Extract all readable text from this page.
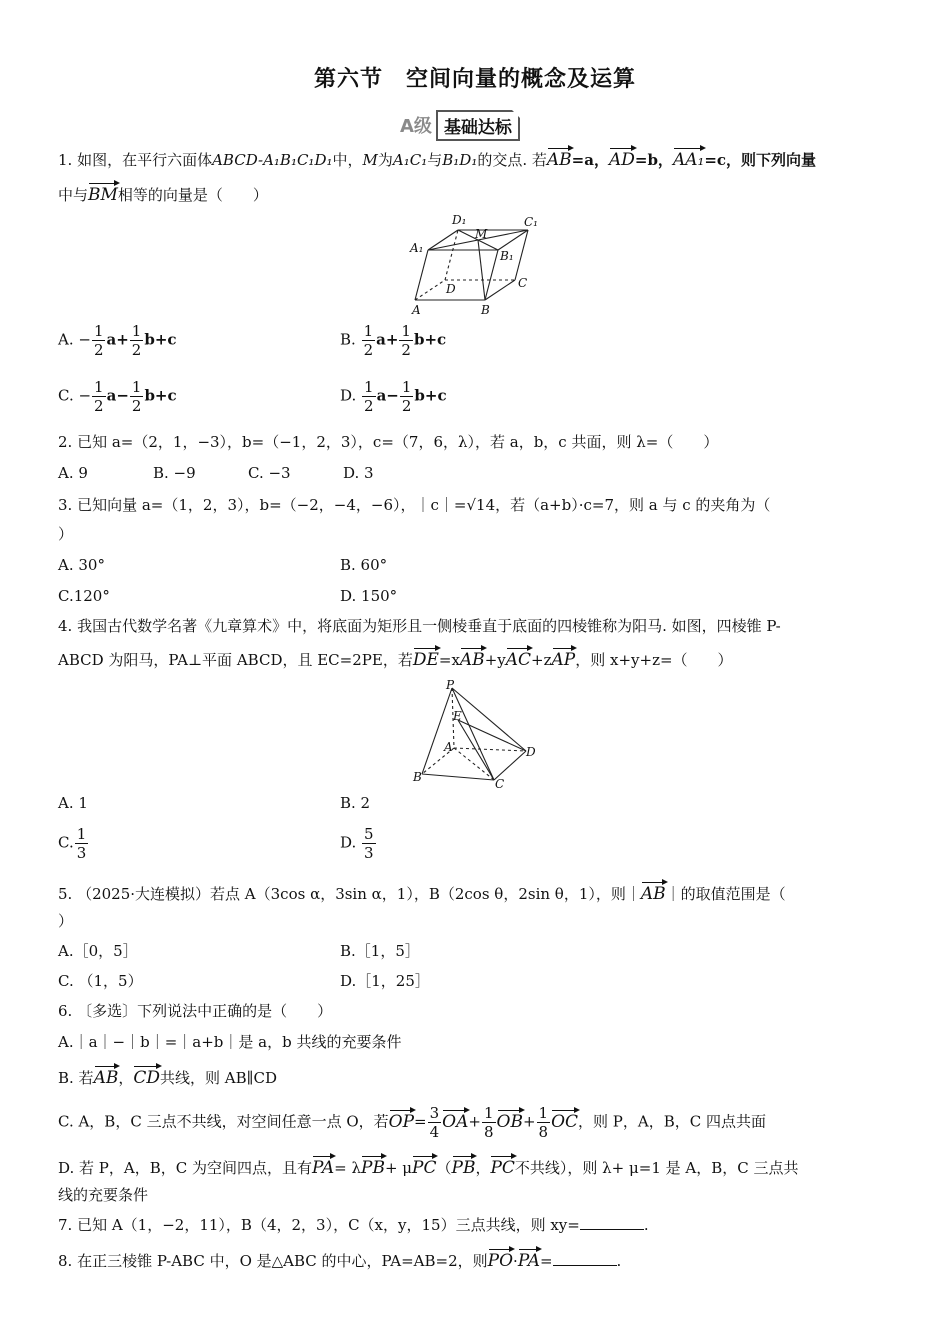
第六节　空间向量的概念及运算
A级 基础达标
1. 如图，在平行六面体ABCD-A₁B₁C₁D₁中，M为A₁C₁与B₁D₁的交点. 若AB=a，AD=b，AA₁=c，则下列向量
中与BM相等的向量是（　　）
D₁	C₁
M
A₁
B₁
D	C
A	B
A. − $\frac{1}{2} a+ \frac{1}{2} b+c$	B. $\frac{1}{2} a+ \frac{1}{2} b+c$
C. − $\frac{1}{2} a- \frac{1}{2} b+c$	D. $\frac{1}{2} a- \frac{1}{2} b+c$
2. 已知 a=（2，1，−3），b=（−1，2，3），c=（7，6，λ），若 a，b，c 共面，则 λ=（　　）
A. 9	B. −9	C. −3	D. 3
3. 已知向量 a=（1，2，3），b=（−2，−4，−6），｜c｜=√14，若（a+b）·c=7，则 a 与 c 的夹角为（
）
A. 30°	B. 60°
C.120°	D. 150°
4. 我国古代数学名著《九章算术》中，将底面为矩形且一侧棱垂直于底面的四棱锥称为阳马. 如图，四棱锥 P-
ABCD 为阳马，PA⊥平面 ABCD，且 EC=2PE，若DE=xAB+yAC+zAP，则 x+y+z=（　　）
P
E
A	D
B	C
A. 1	B. 2
C. $\frac{1}{3}$	D. $\frac{5}{3}$
5. （2025·大连模拟）若点 A（3cos α，3sin α，1），B（2cos θ，2sin θ，1），则｜AB｜的取值范围是（
）
A.［0，5］	B.［1，5］
C. （1，5）	D.［1，25］
6. 〔多选〕下列说法中正确的是（　　）
A.｜a｜−｜b｜=｜a+b｜是 a，b 共线的充要条件
B. 若AB，CD共线，则 AB∥CD
C. A，B，C 三点不共线，对空间任意一点 O，若$OP= \frac{3}{4} OA+ \frac{1}{8} OB+ \frac{1}{8}$ OC，则 P，A，B，C 四点共面
D. 若 P，A，B，C 为空间四点，且有PA= λPB+ μPC（PB，PC不共线），则 λ+ μ=1 是 A，B，C 三点共
线的充要条件
7. 已知 A（1，−2，11），B（4，2，3），C（x，y，15）三点共线，则 xy=	.
8. 在正三棱锥 P-ABC 中，O 是△ABC 的中心，PA=AB=2，则PO·PA=	.
